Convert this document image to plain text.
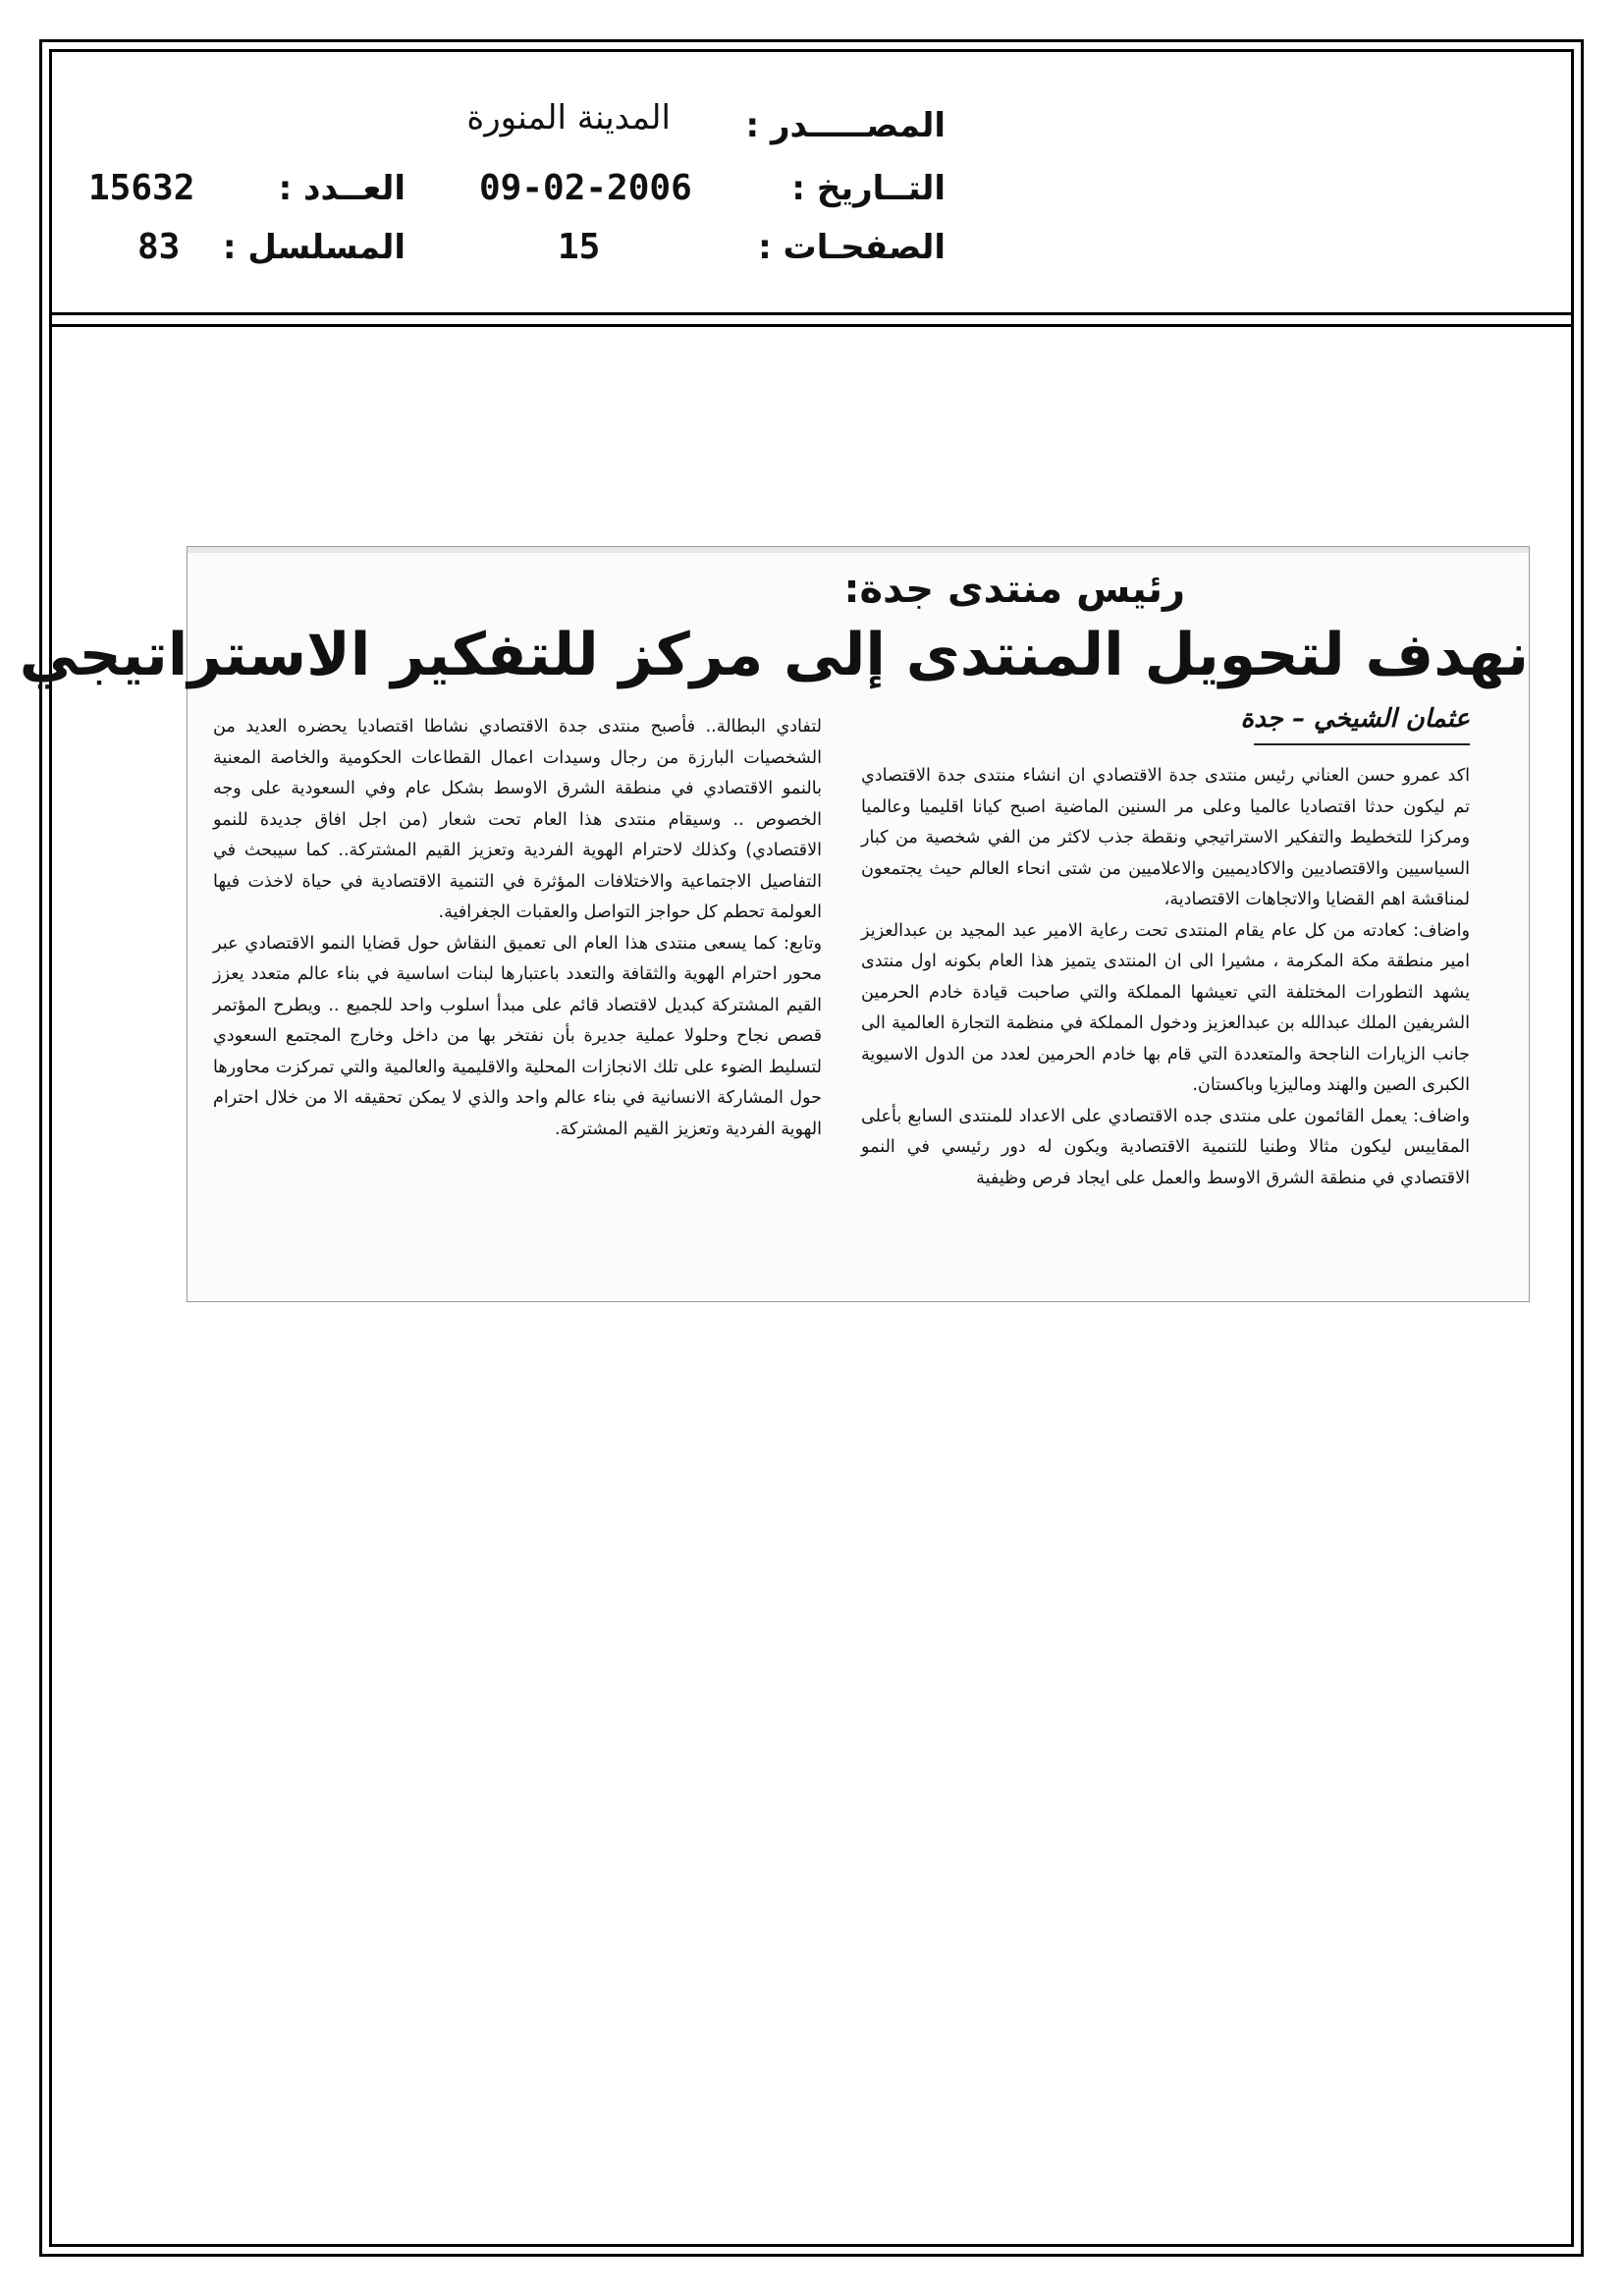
المصـــــدر :
المدينة المنورة
التــاريخ :
09-02-2006
العــدد :
15632
الصفحـات :
15
المسلسل :
83
رئيس منتدى جدة:
نهدف لتحويل المنتدى إلى مركز للتفكير الاستراتيجي
عثمان الشيخي – جدة

اكد عمرو حسن العناني رئيس منتدى جدة الاقتصادي ان انشاء منتدى جدة الاقتصادي تم ليكون حدثا اقتصاديا عالميا وعلى مر السنين الماضية اصبح كيانا اقليميا وعالميا ومركزا للتخطيط والتفكير الاستراتيجي ونقطة جذب لاكثر من الفي شخصية من كبار السياسيين والاقتصاديين والاكاديميين والاعلاميين من شتى انحاء العالم حيث يجتمعون لمناقشة اهم القضايا والاتجاهات الاقتصادية،

واضاف: كعادته من كل عام يقام المنتدى تحت رعاية الامير عبد المجيد بن عبدالعزيز امير منطقة مكة المكرمة ، مشيرا الى ان المنتدى يتميز هذا العام بكونه اول منتدى يشهد التطورات المختلفة التي تعيشها المملكة والتي صاحبت قيادة خادم الحرمين الشريفين الملك عبدالله بن عبدالعزيز ودخول المملكة في منظمة التجارة العالمية الى جانب الزيارات الناجحة والمتعددة التي قام بها خادم الحرمين لعدد من الدول الاسيوية الكبرى الصين والهند وماليزيا وباكستان.

واضاف: يعمل القائمون على منتدى جده الاقتصادي على الاعداد للمنتدى السابع بأعلى المقاييس ليكون مثالا وطنيا للتنمية الاقتصادية ويكون له دور رئيسي في النمو الاقتصادي في منطقة الشرق الاوسط والعمل على ايجاد فرص وظيفية

لتفادي البطالة.. فأصبح منتدى جدة الاقتصادي نشاطا اقتصاديا يحضره العديد من الشخصيات البارزة من رجال وسيدات اعمال القطاعات الحكومية والخاصة المعنية بالنمو الاقتصادي في منطقة الشرق الاوسط بشكل عام وفي السعودية على وجه الخصوص .. وسيقام منتدى هذا العام تحت شعار (من اجل افاق جديدة للنمو الاقتصادي) وكذلك لاحترام الهوية الفردية وتعزيز القيم المشتركة.. كما سيبحث في التفاصيل الاجتماعية والاختلافات المؤثرة في التنمية الاقتصادية في حياة لاخذت فيها العولمة تحطم كل حواجز التواصل والعقبات الجغرافية.

وتابع: كما يسعى منتدى هذا العام الى تعميق النقاش حول قضايا النمو الاقتصادي عبر محور احترام الهوية والثقافة والتعدد باعتبارها لبنات اساسية في بناء عالم متعدد يعزز القيم المشتركة كبديل لاقتصاد قائم على مبدأ اسلوب واحد للجميع .. ويطرح المؤتمر قصص نجاح وحلولا عملية جديرة بأن نفتخر بها من داخل وخارج المجتمع السعودي لتسليط الضوء على تلك الانجازات المحلية والاقليمية والعالمية والتي تمركزت محاورها حول المشاركة الانسانية في بناء عالم واحد والذي لا يمكن تحقيقه الا من خلال احترام الهوية الفردية وتعزيز القيم المشتركة.
